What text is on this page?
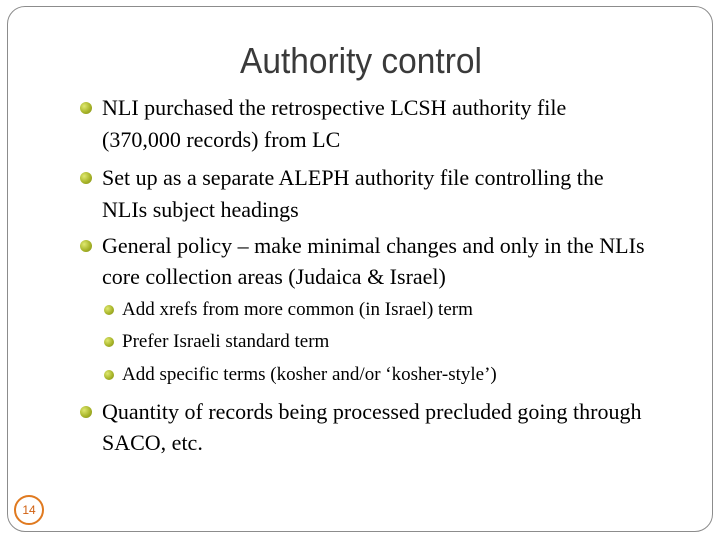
Authority control
NLI purchased the retrospective LCSH authority file
(370,000 records) from LC
Set up as a separate ALEPH authority file controlling the
NLIs subject headings
General policy – make minimal changes and only in the NLIs
core collection areas (Judaica & Israel)
Add xrefs from more common (in Israel) term
Prefer Israeli standard term
Add specific terms (kosher and/or ‘kosher-style’)
Quantity of records being processed precluded going through
SACO, etc.
14
